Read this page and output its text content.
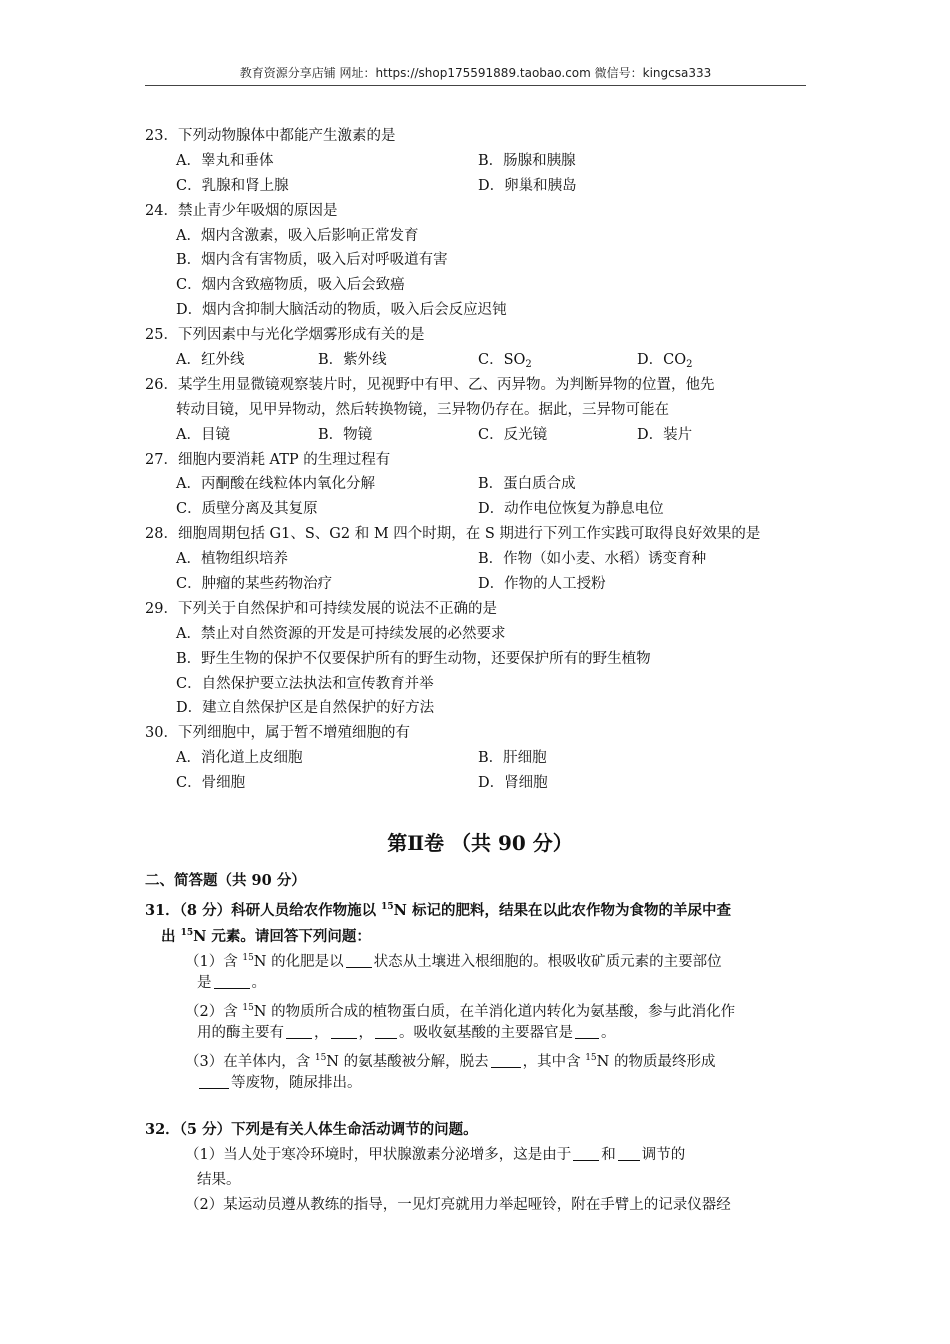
教育资源分享店铺 网址：https://shop175591889.taobao.com 微信号：kingcsa333
23．下列动物腺体中都能产生激素的是
A．睾丸和垂体	B．肠腺和胰腺
C．乳腺和肾上腺	D．卵巢和胰岛
24．禁止青少年吸烟的原因是
A．烟内含激素，吸入后影响正常发育
B．烟内含有害物质，吸入后对呼吸道有害
C．烟内含致癌物质，吸入后会致癌
D．烟内含抑制大脑活动的物质，吸入后会反应迟钝
25．下列因素中与光化学烟雾形成有关的是
A．红外线	B．紫外线	C．$SO_2$	D．$CO_2$
26．某学生用显微镜观察装片时，见视野中有甲、乙、丙异物。为判断异物的位置，他先
转动目镜，见甲异物动，然后转换物镜，三异物仍存在。据此，三异物可能在
A．目镜	B．物镜	C．反光镜	D．装片
27．细胞内要消耗 ATP 的生理过程有
A．丙酮酸在线粒体内氧化分解	B．蛋白质合成
C．质壁分离及其复原	D．动作电位恢复为静息电位
28．细胞周期包括 G1、S、G2 和 M 四个时期，在 S 期进行下列工作实践可取得良好效果的是
A．植物组织培养	B．作物（如小麦、水稻）诱变育种
C．肿瘤的某些药物治疗	D．作物的人工授粉
29．下列关于自然保护和可持续发展的说法不正确的是
A．禁止对自然资源的开发是可持续发展的必然要求
B．野生生物的保护不仅要保护所有的野生动物，还要保护所有的野生植物
C．自然保护要立法执法和宣传教育并举
D．建立自然保护区是自然保护的好方法
30．下列细胞中，属于暂不增殖细胞的有
A．消化道上皮细胞	B．肝细胞
C．骨细胞	D．肾细胞
第Ⅱ卷 （共 90 分）
二、简答题（共 90 分）
31．（8 分）科研人员给农作物施以 $^{15}$N 标记的肥料，结果在以此农作物为食物的羊尿中查
出 $^{15}$N 元素。请回答下列问题：
（1）含 $^{15}$N 的化肥是以 状态从土壤进入根细胞的。根吸收矿质元素的主要部位
是	。
（2）含 $^{15}$N 的物质所合成的植物蛋白质，在羊消化道内转化为氨基酸，参与此消化作
用的酶主要有 ， ， 。吸收氨基酸的主要器官是 。
（3）在羊体内，含 $^{15}$N 的氨基酸被分解，脱去 ，其中含 $^{15}$N 的物质最终形成
等废物，随尿排出。
32．（5 分）下列是有关人体生命活动调节的问题。
（1）当人处于寒冷环境时，甲状腺激素分泌增多，这是由于 和 调节的
结果。
（2）某运动员遵从教练的指导，一见灯亮就用力举起哑铃，附在手臂上的记录仪器经
